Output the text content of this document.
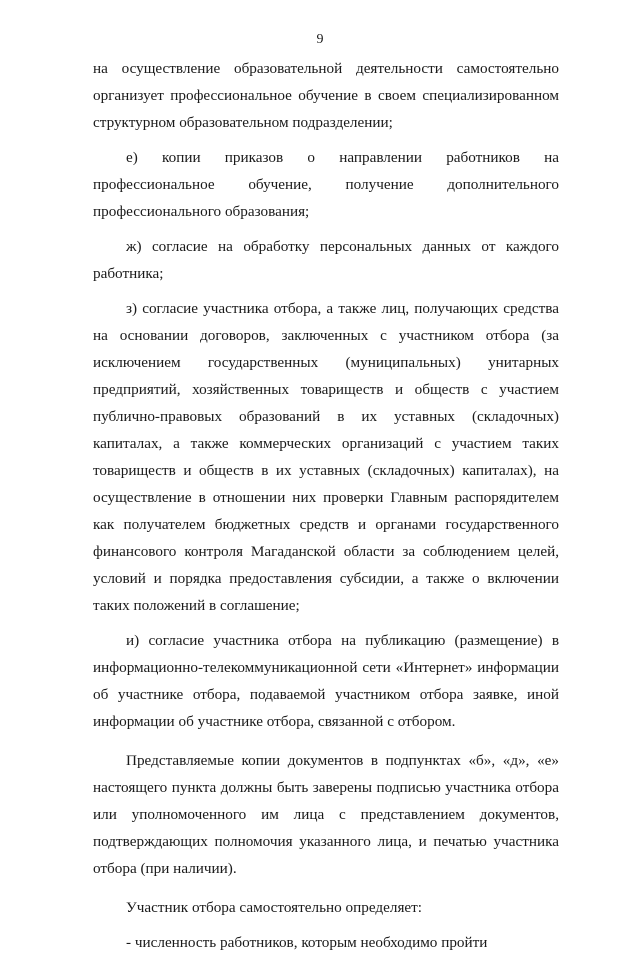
9

на осуществление образовательной деятельности самостоятельно организует профессиональное обучение в своем специализированном структурном образовательном подразделении;

е) копии приказов о направлении работников на профессиональное обучение, получение дополнительного профессионального образования;

ж) согласие на обработку персональных данных от каждого работника;

з) согласие участника отбора, а также лиц, получающих средства на основании договоров, заключенных с участником отбора (за исключением государственных (муниципальных) унитарных предприятий, хозяйственных товариществ и обществ с участием публично-правовых образований в их уставных (складочных) капиталах, а также коммерческих организаций с участием таких товариществ и обществ в их уставных (складочных) капиталах), на осуществление в отношении них проверки Главным распорядителем как получателем бюджетных средств и органами государственного финансового контроля Магаданской области за соблюдением целей, условий и порядка предоставления субсидии, а также о включении таких положений в соглашение;

и) согласие участника отбора на публикацию (размещение) в информационно-телекоммуникационной сети «Интернет» информации об участнике отбора, подаваемой участником отбора заявке, иной информации об участнике отбора, связанной с отбором.

Представляемые копии документов в подпунктах «б», «д», «е» настоящего пункта должны быть заверены подписью участника отбора или уполномоченного им лица с представлением документов, подтверждающих полномочия указанного лица, и печатью участника отбора (при наличии).

Участник отбора самостоятельно определяет:

- численность работников, которым необходимо пройти
